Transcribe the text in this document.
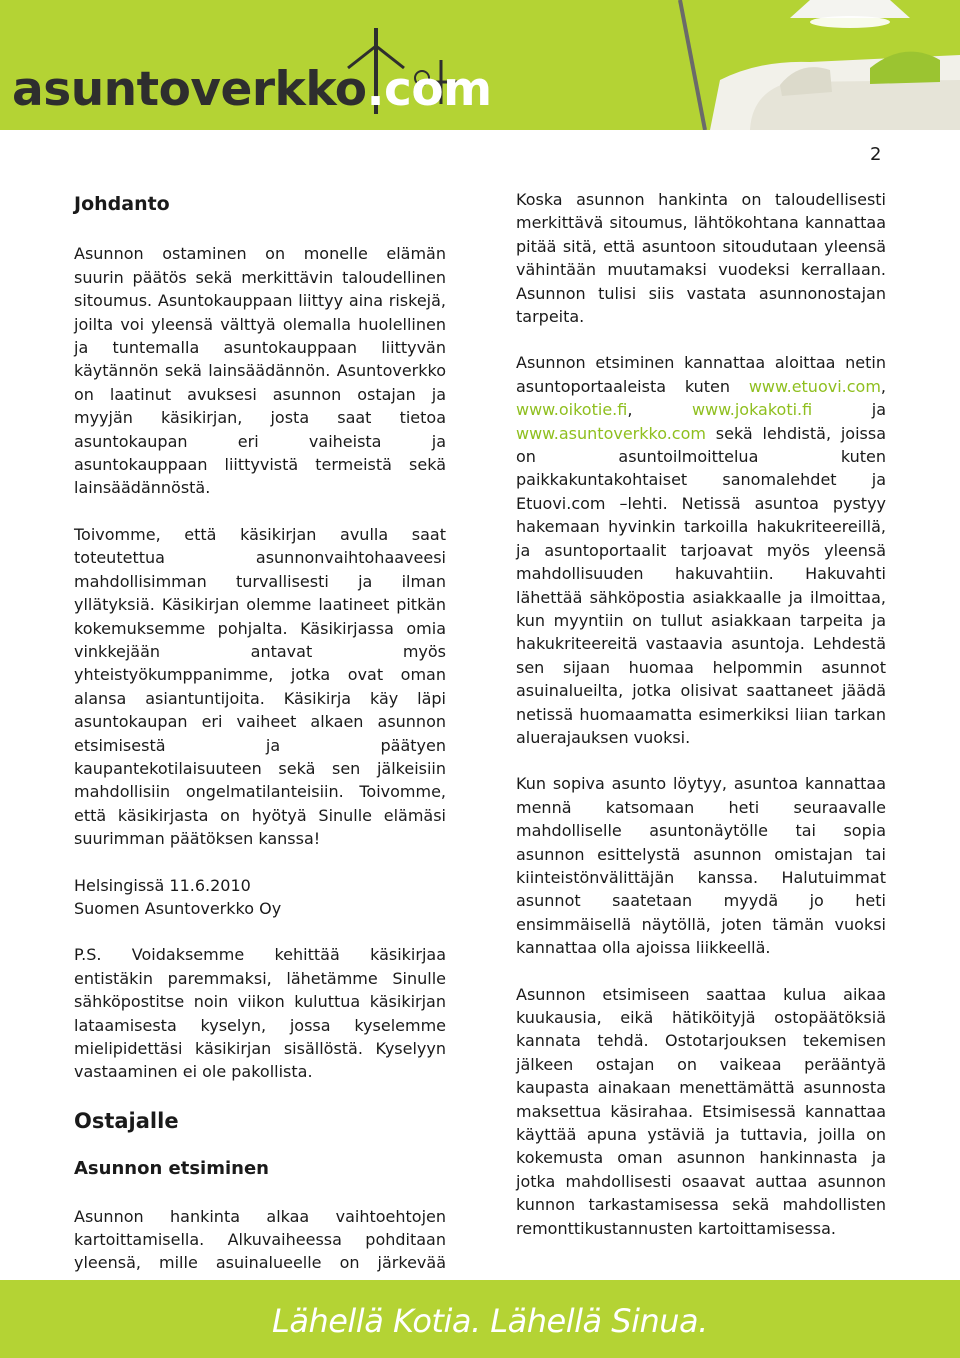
asuntoverkko.com
2
Johdanto

Asunnon ostaminen on monelle elämän suurin päätös sekä merkittävin taloudellinen sitoumus. Asuntokauppaan liittyy aina riskejä, joilta voi yleensä välttyä olemalla huolellinen ja tuntemalla asuntokauppaan liittyvän käytännön sekä lainsäädännön. Asuntoverkko on laatinut avuksesi asunnon ostajan ja myyjän käsikirjan, josta saat tietoa asuntokaupan eri vaiheista ja asuntokauppaan liittyvistä termeistä sekä lainsäädännöstä.

Toivomme, että käsikirjan avulla saat toteutettua asunnonvaihtohaaveesi mahdollisimman turvallisesti ja ilman yllätyksiä. Käsikirjan olemme laatineet pitkän kokemuksemme pohjalta. Käsikirjassa omia vinkkejään antavat myös yhteistyökumppanimme, jotka ovat oman alansa asiantuntijoita. Käsikirja käy läpi asuntokaupan eri vaiheet alkaen asunnon etsimisestä ja päätyen kaupantekotilaisuuteen sekä sen jälkeisiin mahdollisiin ongelmatilanteisiin. Toivomme, että käsikirjasta on hyötyä Sinulle elämäsi suurimman päätöksen kanssa!

Helsingissä 11.6.2010

Suomen Asuntoverkko Oy

P.S. Voidaksemme kehittää käsikirjaa entistäkin paremmaksi, lähetämme Sinulle sähköpostitse noin viikon kuluttua käsikirjan lataamisesta kyselyn, jossa kyselemme mielipidettäsi käsikirjan sisällöstä. Kyselyyn vastaaminen ei ole pakollista.

Ostajalle
Asunnon etsiminen

Asunnon hankinta alkaa vaihtoehtojen kartoittamisella. Alkuvaiheessa pohditaan yleensä, mille asuinalueelle on järkevää

Koska asunnon hankinta on taloudellisesti merkittävä sitoumus, lähtökohtana kannattaa pitää sitä, että asuntoon sitoudutaan yleensä vähintään muutamaksi vuodeksi kerrallaan. Asunnon tulisi siis vastata asunnonostajan tarpeita.

Asunnon etsiminen kannattaa aloittaa netin asuntoportaaleista kuten www.etuovi.com, www.oikotie.fi, www.jokakoti.fi ja www.asuntoverkko.com sekä lehdistä, joissa on asuntoilmoittelua kuten paikkakuntakohtaiset sanomalehdet ja Etuovi.com –lehti. Netissä asuntoa pystyy hakemaan hyvinkin tarkoilla hakukriteereillä, ja asuntoportaalit tarjoavat myös yleensä mahdollisuuden hakuvahtiin. Hakuvahti lähettää sähköpostia asiakkaalle ja ilmoittaa, kun myyntiin on tullut asiakkaan tarpeita ja hakukriteereitä vastaavia asuntoja. Lehdestä sen sijaan huomaa helpommin asunnot asuinalueilta, jotka olisivat saattaneet jäädä netissä huomaamatta esimerkiksi liian tarkan aluerajauksen vuoksi.

Kun sopiva asunto löytyy, asuntoa kannattaa mennä katsomaan heti seuraavalle mahdolliselle asuntonäytölle tai sopia asunnon esittelystä asunnon omistajan tai kiinteistönvälittäjän kanssa. Halutuimmat asunnot saatetaan myydä jo heti ensimmäisellä näytöllä, joten tämän vuoksi kannattaa olla ajoissa liikkeellä.

Asunnon etsimiseen saattaa kulua aikaa kuukausia, eikä hätiköityjä ostopäätöksiä kannata tehdä. Ostotarjouksen tekemisen jälkeen ostajan on vaikeaa perääntyä kaupasta ainakaan menettämättä asunnosta maksettua käsirahaa. Etsimisessä kannattaa käyttää apuna ystäviä ja tuttavia, joilla on kokemusta oman asunnon hankinnasta ja jotka mahdollisesti osaavat auttaa asunnon kunnon tarkastamisessa sekä mahdollisten remonttikustannusten kartoittamisessa.

Lähellä Kotia. Lähellä Sinua.
